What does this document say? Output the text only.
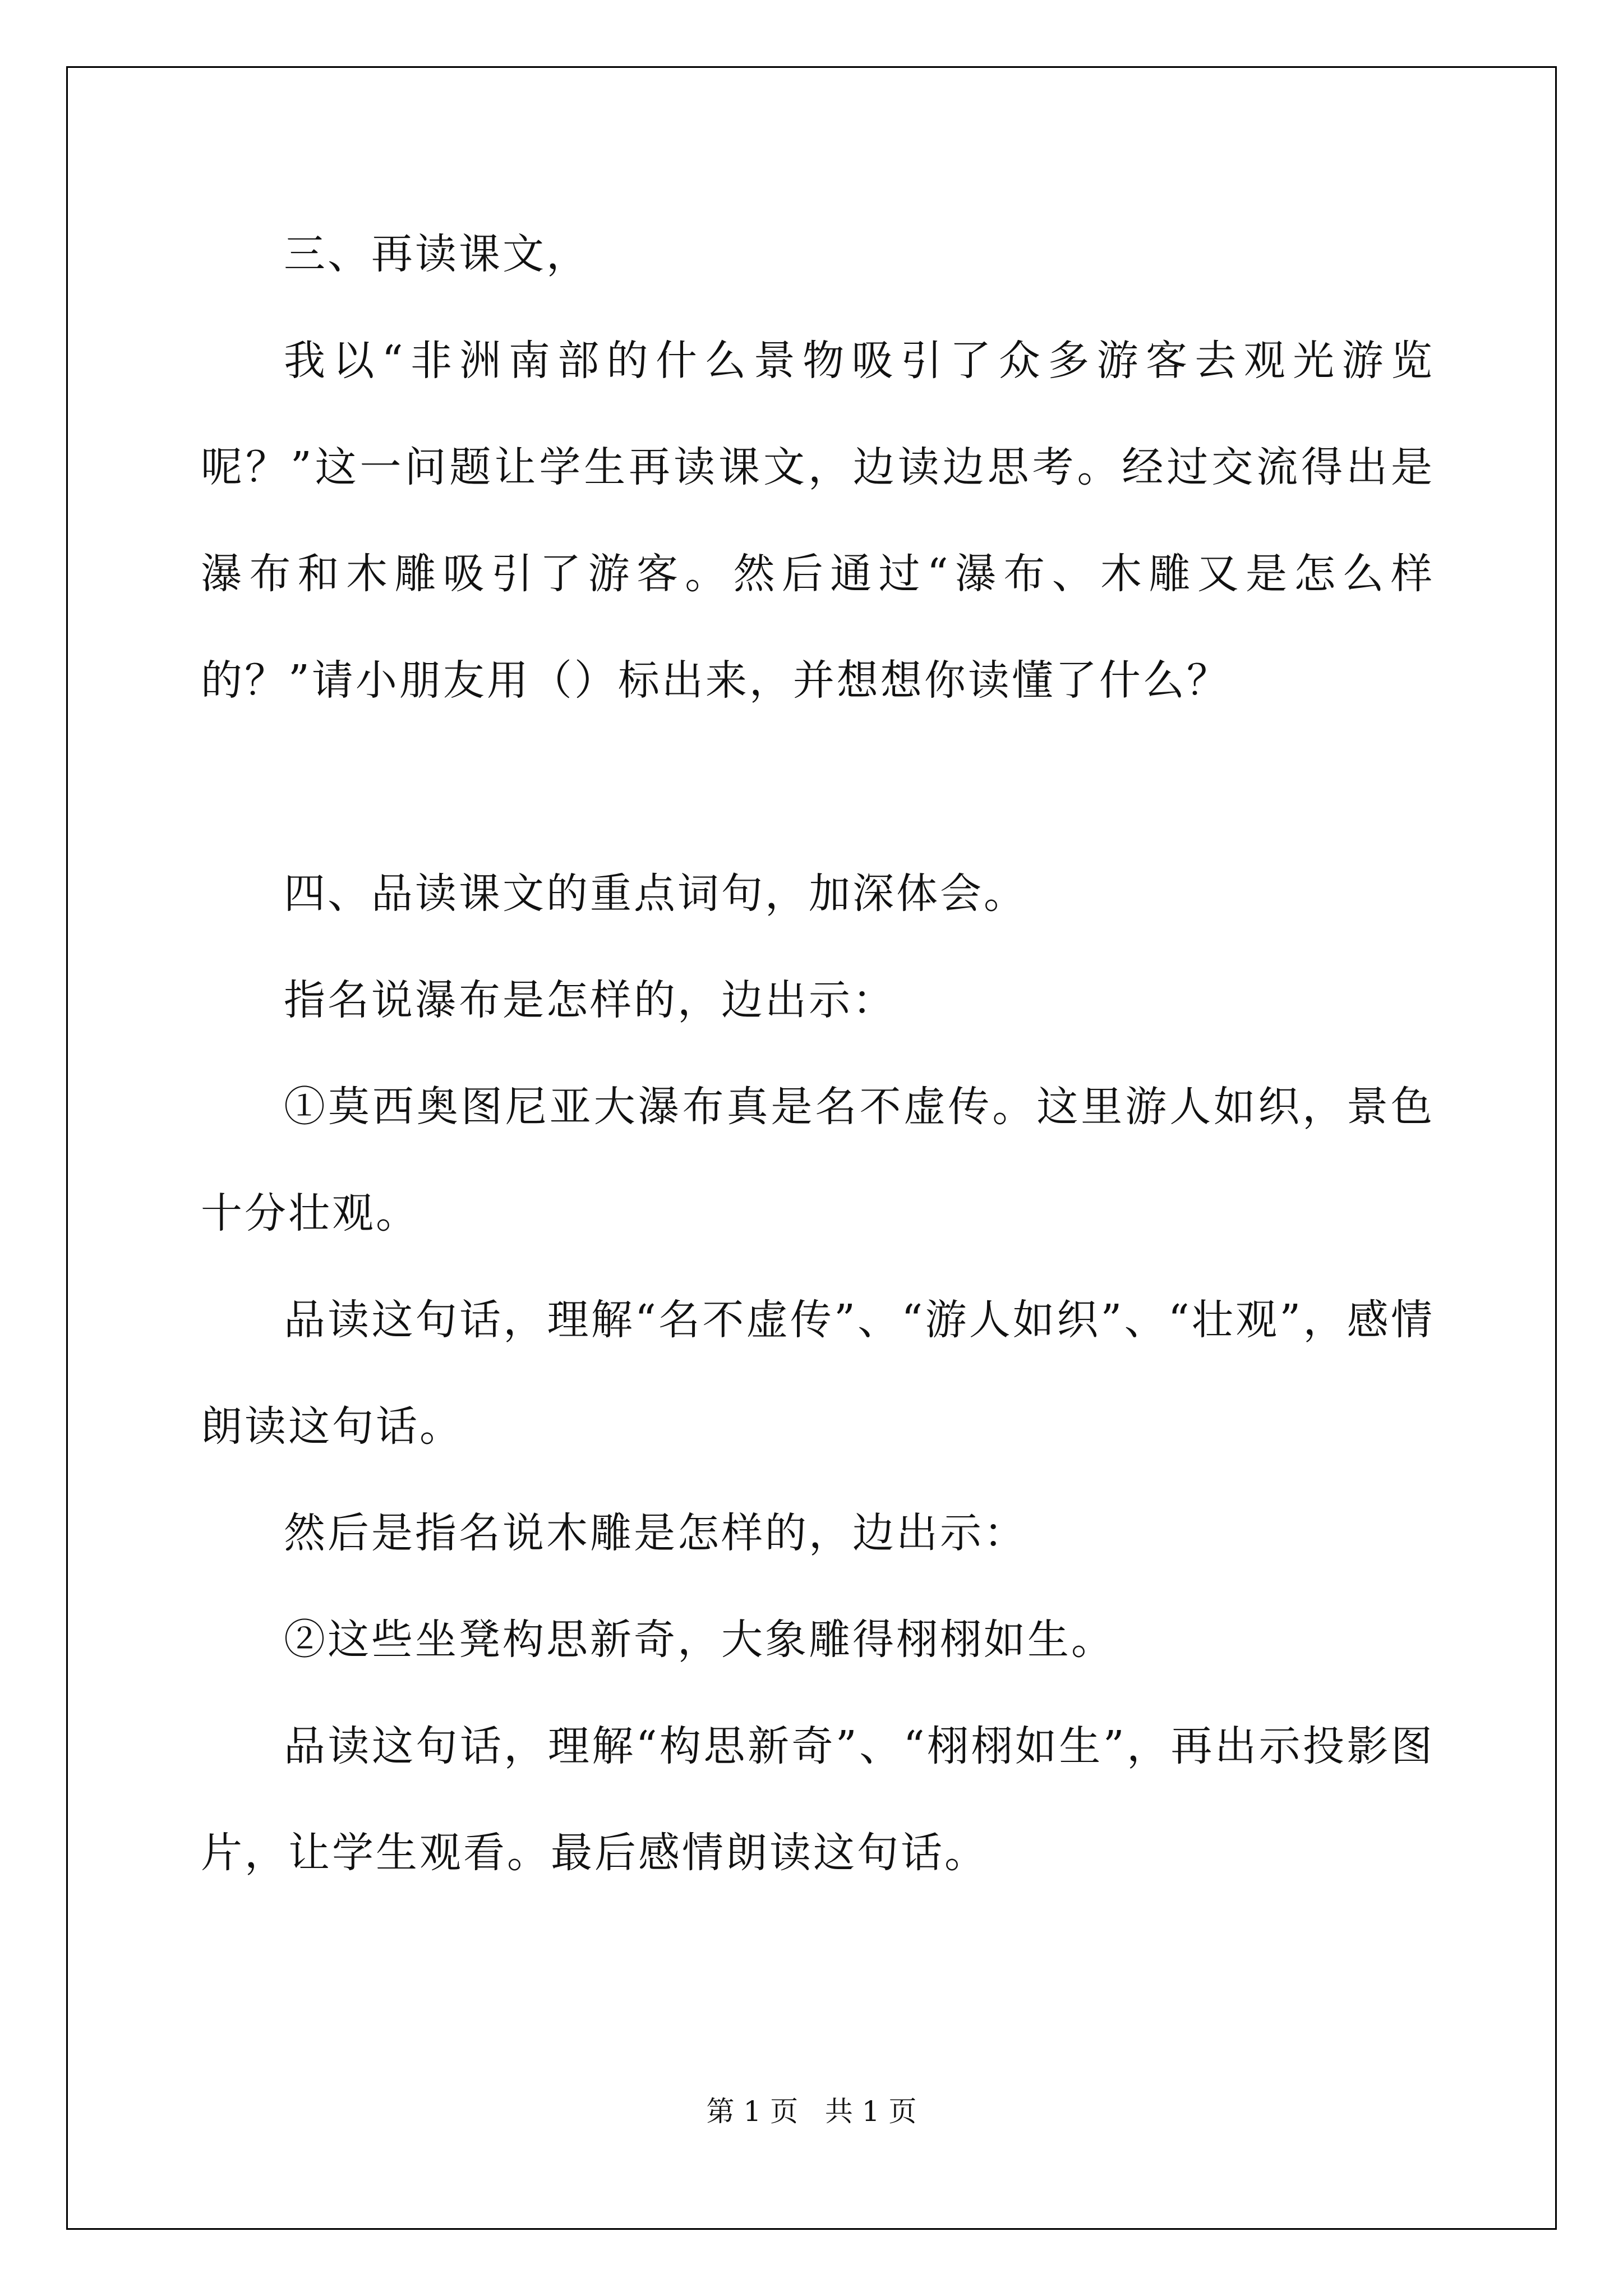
三、再读课文，

我以“非洲南部的什么景物吸引了众多游客去观光游览呢？”这一问题让学生再读课文，边读边思考。经过交流得出是瀑布和木雕吸引了游客。然后通过“瀑布、木雕又是怎么样的？”请小朋友用（）标出来，并想想你读懂了什么？

四、品读课文的重点词句，加深体会。

指名说瀑布是怎样的，边出示：

①莫西奥图尼亚大瀑布真是名不虚传。这里游人如织，景色十分壮观。

品读这句话，理解“名不虚传”、“游人如织”、“壮观”，感情朗读这句话。

然后是指名说木雕是怎样的，边出示：

②这些坐凳构思新奇，大象雕得栩栩如生。

品读这句话，理解“构思新奇”、“栩栩如生”，再出示投影图片，让学生观看。最后感情朗读这句话。

第 1 页   共 1 页
